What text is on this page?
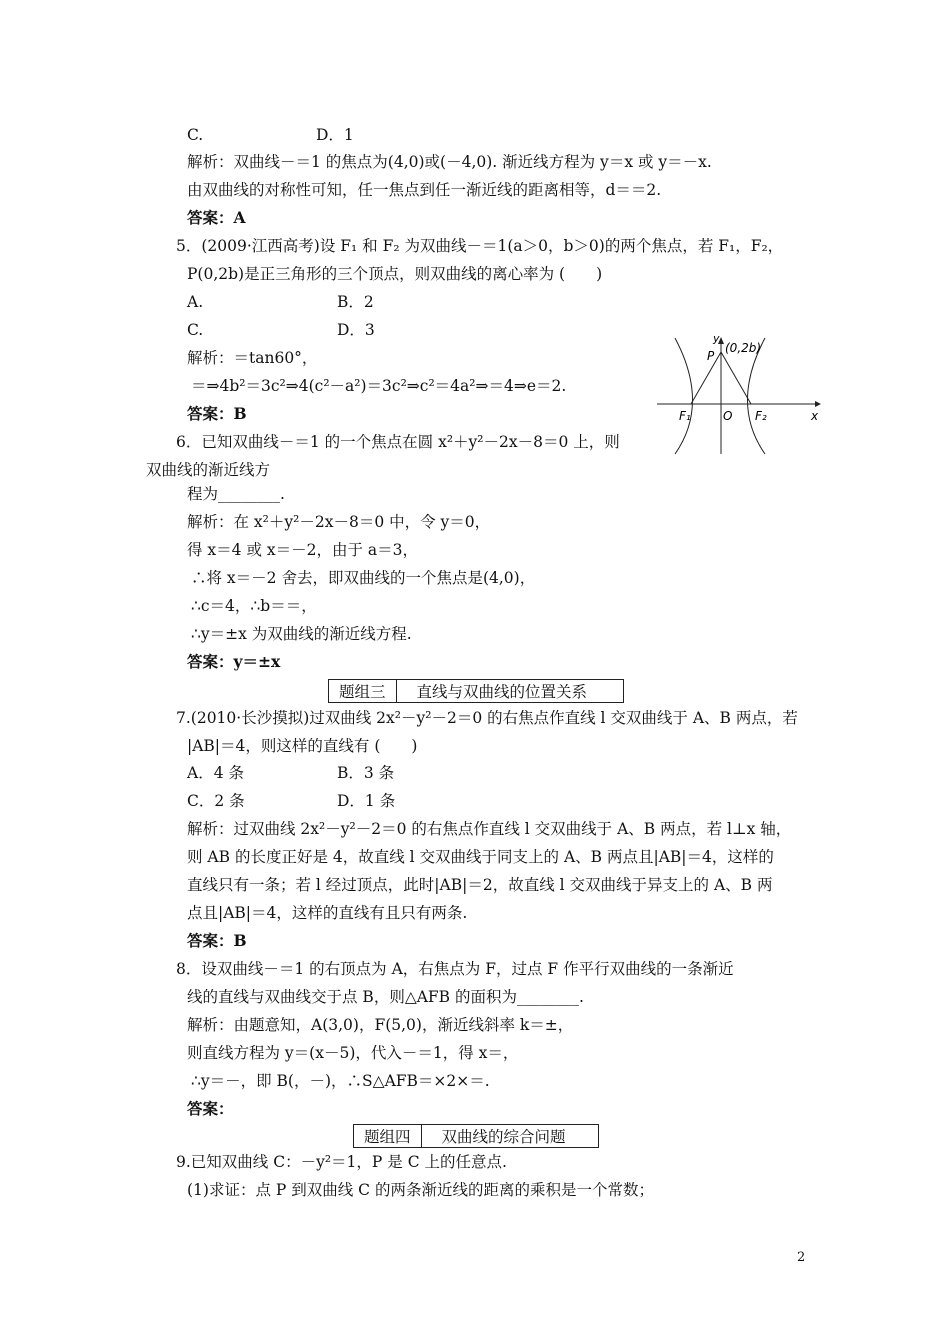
C.	D．1
解析：双曲线－＝1 的焦点为(4,0)或(－4,0). 渐近线方程为 y＝x 或 y＝－x.
由双曲线的对称性可知，任一焦点到任一渐近线的距离相等，d＝＝2.
答案：A
5．(2009·江西高考)设 F₁ 和 F₂ 为双曲线－＝1(a＞0，b＞0)的两个焦点，若 F₁，F₂，
P(0,2b)是正三角形的三个顶点，则双曲线的离心率为 (　　)
A.	B．2
C.	D．3
解析：＝tan60°，
＝⇒4b²＝3c²⇒4(c²－a²)＝3c²⇒c²＝4a²⇒＝4⇒e＝2.
答案：B
P
(0,2b)
y
x
O
F₁	F₂
6．已知双曲线－＝1 的一个焦点在圆 x²＋y²－2x－8＝0 上，则
双曲线的渐近线方
程为________.
解析：在 x²＋y²－2x－8＝0 中，令 y＝0，
得 x＝4 或 x＝－2，由于 a＝3，
∴将 x＝－2 舍去，即双曲线的一个焦点是(4,0)，
∴c＝4，∴b＝＝，
∴y＝±x 为双曲线的渐近线方程.
答案：y＝±x
题组三	直线与双曲线的位置关系
7.(2010·长沙摸拟)过双曲线 2x²－y²－2＝0 的右焦点作直线 l 交双曲线于 A、B 两点，若
|AB|＝4，则这样的直线有 (　　)
A．4 条	B．3 条
C．2 条	D．1 条
解析：过双曲线 2x²－y²－2＝0 的右焦点作直线 l 交双曲线于 A、B 两点，若 l⊥x 轴，
则 AB 的长度正好是 4，故直线 l 交双曲线于同支上的 A、B 两点且|AB|＝4，这样的
直线只有一条；若 l 经过顶点，此时|AB|＝2，故直线 l 交双曲线于异支上的 A、B 两
点且|AB|＝4，这样的直线有且只有两条.
答案：B
8．设双曲线－＝1 的右顶点为 A，右焦点为 F，过点 F 作平行双曲线的一条渐近
线的直线与双曲线交于点 B，则△AFB 的面积为________.
解析：由题意知，A(3,0)，F(5,0)，渐近线斜率 k＝±，
则直线方程为 y＝(x－5)，代入－＝1，得 x＝，
∴y＝－，即 B(，－)，∴S△AFB＝×2×＝.
答案：
题组四	双曲线的综合问题
9.已知双曲线 C：－y²＝1，P 是 C 上的任意点.
(1)求证：点 P 到双曲线 C 的两条渐近线的距离的乘积是一个常数；
2
